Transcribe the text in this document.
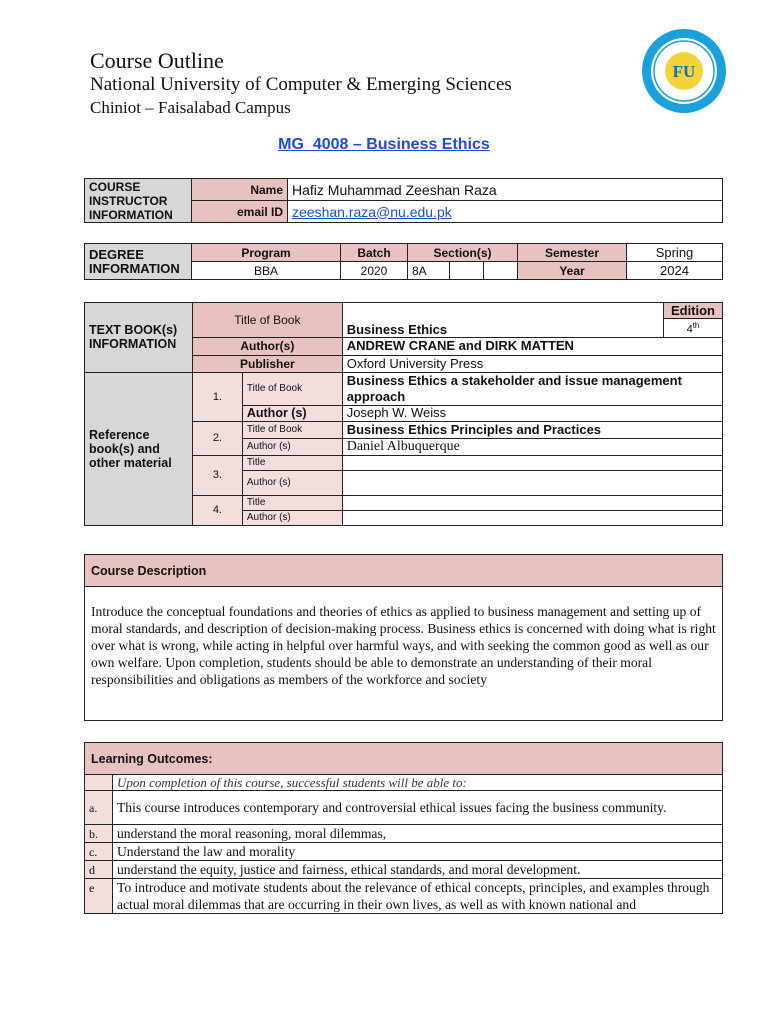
Course Outline
National University of Computer & Emerging Sciences
Chiniot – Faisalabad Campus
FU
MG  4008 – Business Ethics
COURSE INSTRUCTOR INFORMATION	Name	Hafiz Muhammad Zeeshan Raza
	email ID	zeeshan.raza@nu.edu.pk
DEGREE INFORMATION	Program	Batch	Section(s)			Semester	Spring
	BBA	2020	8A			Year	2024
TEXT BOOK(s) INFORMATION	Title of Book		Business Ethics	Edition
				4th
	Author(s)		ANDREW CRANE and DIRK MATTEN	
	Publisher		Oxford University Press	
Reference book(s) and other material	1.	Title of Book	Business Ethics a stakeholder and issue management approach	
		Author (s)	Joseph W. Weiss	
	2.	Title of Book	Business Ethics Principles and Practices	
		Author (s)	Daniel Albuquerque	
	3.	Title		
		Author (s)		
	4.	Title		
		Author (s)		
Course Description

Introduce the conceptual foundations and theories of ethics as applied to business management and setting up of moral standards, and description of decision-making process. Business ethics is concerned with doing what is right over what is wrong, while acting in helpful over harmful ways, and with seeking the common good as well as our own welfare. Upon completion, students should be able to demonstrate an understanding of their moral responsibilities and obligations as members of the workforce and society
Learning Outcomes:	
	Upon completion of this course, successful students will be able to:
a.	This course introduces contemporary and controversial ethical issues facing the business community.
b.	understand the moral reasoning, moral dilemmas,
c.	Understand the law and morality
d	understand the equity, justice and fairness, ethical standards, and moral development.
e	To introduce and motivate students about the relevance of ethical concepts, principles, and examples through actual moral dilemmas that are occurring in their own lives, as well as with known national and
